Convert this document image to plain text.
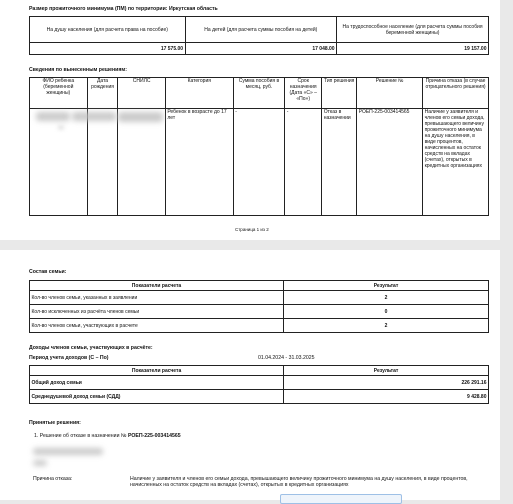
Размер прожиточного минимума (ПМ) по территории: Иркутская область
На душу населения (для расчета права на пособие)	На детей (для расчета суммы пособия на детей)	На трудоспособное население (для расчета суммы пособия беременной женщины)
17 575.00	17 048.00	19 157.00
Сведения по вынесенным решениям:
ФИО ребенка (беременной женщины)	Дата рождения	СНИЛС	Категория	Сумма пособия в месяц, руб.	Срок назначения (Дата «С» – «По»)	Тип решения	Решение №	Причина отказа (в случае отрицательного решения)
			Ребенок в возрасте до 17 лет	-	-	Отказ в назначении	РОЕП-225-003414565	Наличие у заявителя и членов его семьи дохода, превышающего величину прожиточного минимума на душу населения, в виде процентов, начисленных на остаток средств на вкладах (счетах), открытых в кредитных организациях
Страница 1 из 2
Состав семьи:
Показатели расчета	Результат
Кол-во членов семьи, указанных в заявлении	2
Кол-во исключенных из расчёта членов семьи	0
Кол-во членов семьи, участвующих в расчете	2
Доходы членов семьи, участвующих в расчёте:
Период учета доходов (С – По)	01.04.2024 - 31.03.2025
Показатели расчета	Результат
Общий доход семьи	226 291.16
Среднедушевой доход семьи (СДД)	9 428.80
Принятые решения:
1. Решение об отказе в назначении № РОЕП-225-003414565
Причина отказа:	Наличие у заявителя и членов его семьи дохода, превышающего величину прожиточного минимума на душу населения, в виде процентов, начисленных на остаток средств на вкладах (счетах), открытых в кредитных организациях
